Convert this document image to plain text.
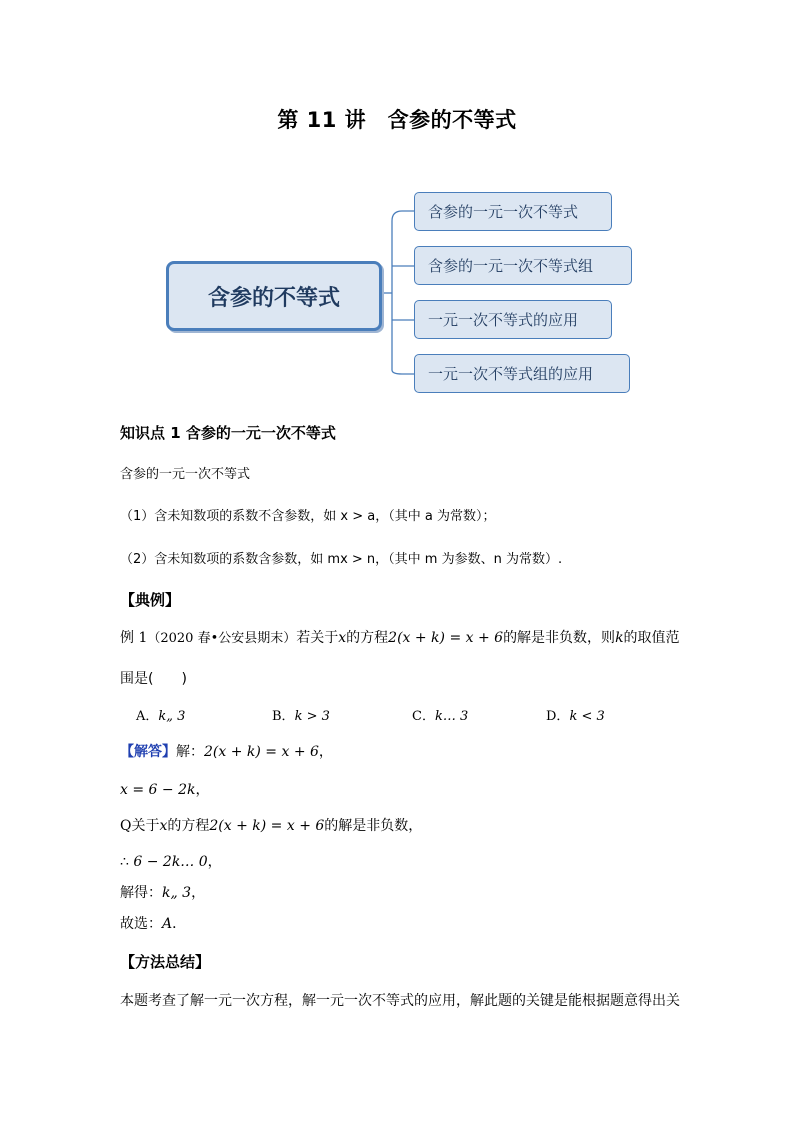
第 11 讲　含参的不等式
含参的不等式
含参的一元一次不等式
含参的一元一次不等式组
一元一次不等式的应用
一元一次不等式组的应用
知识点 1 含参的一元一次不等式
含参的一元一次不等式
（1）含未知数项的系数不含参数，如 x > a，（其中 a 为常数）；
（2）含未知数项的系数含参数，如 mx > n，（其中 m 为参数、n 为常数）.
【典例】
例 1（2020 春•公安县期末）若关于x的方程2(x + k) = x + 6的解是非负数，则k的取值范
围是(　　)
A．k„ 3	B．k > 3	C．k… 3	D．k < 3
【解答】解：2(x + k) = x + 6，
x = 6 − 2k，
Q关于x的方程2(x + k) = x + 6的解是非负数，
∴ 6 − 2k… 0，
解得：k„ 3，
故选：A．
【方法总结】
本题考查了解一元一次方程，解一元一次不等式的应用，解此题的关键是能根据题意得出关
